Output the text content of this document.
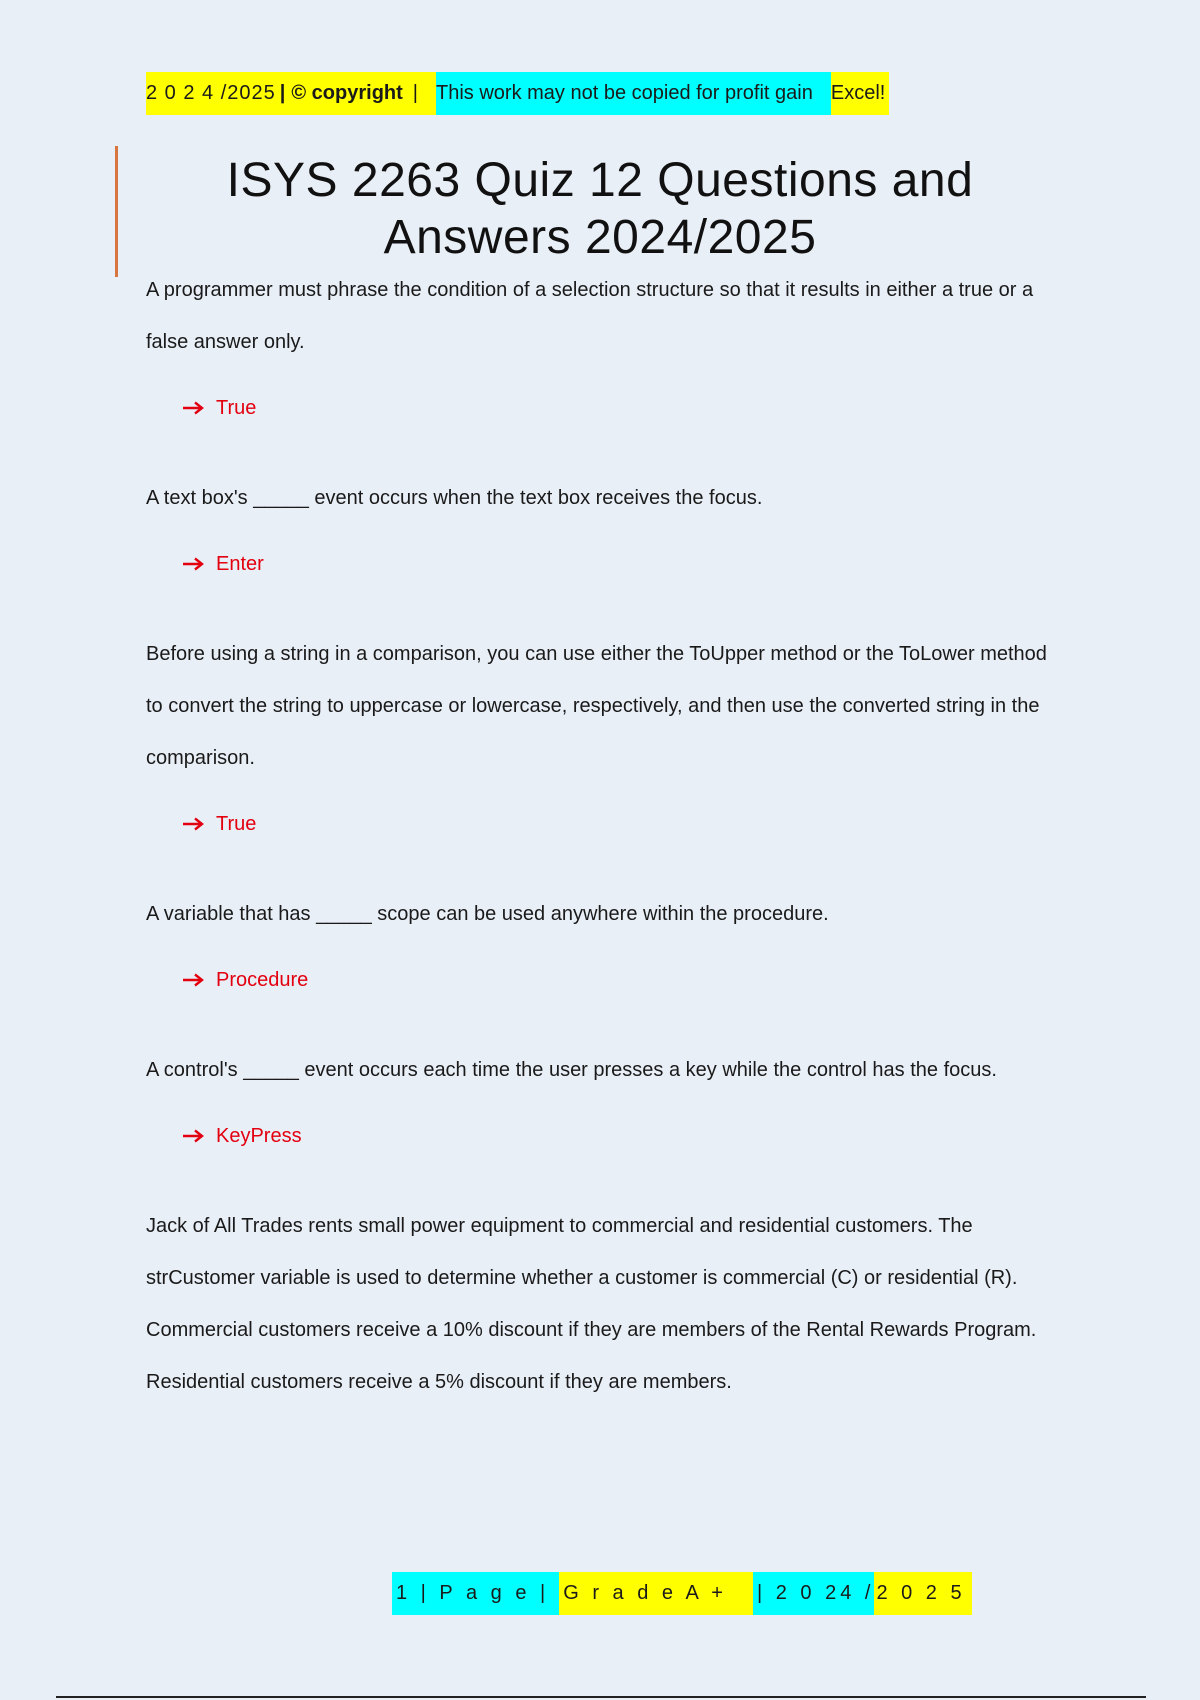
2 0 2 4 /2025 | © copyright | This work may not be copied for profit gain Excel!
ISYS 2263 Quiz 12 Questions and Answers 2024/2025

A programmer must phrase the condition of a selection structure so that it results in either a true or a false answer only.

True

A text box's _____ event occurs when the text box receives the focus.

Enter

Before using a string in a comparison, you can use either the ToUpper method or the ToLower method to convert the string to uppercase or lowercase, respectively, and then use the converted string in the comparison.

True

A variable that has _____ scope can be used anywhere within the procedure.

Procedure

A control's _____ event occurs each time the user presses a key while the control has the focus.

KeyPress

Jack of All Trades rents small power equipment to commercial and residential customers. The strCustomer variable is used to determine whether a customer is commercial (C) or residential (R). Commercial customers receive a 10% discount if they are members of the Rental Rewards Program. Residential customers receive a 5% discount if they are members.

1 | P a g e | G r a d e A +	| 2 0 24 / 2 0 2 5
